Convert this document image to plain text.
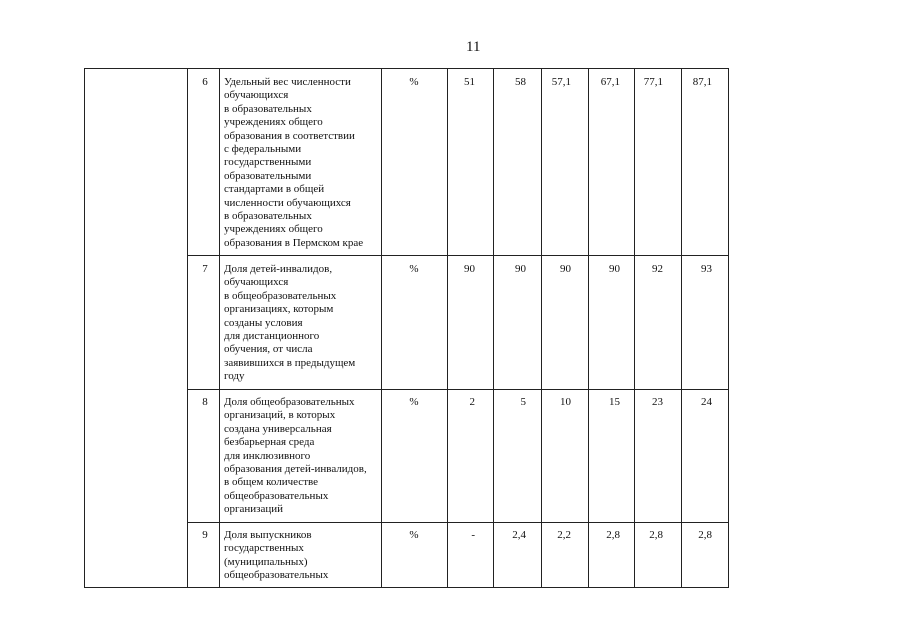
11
6	Удельный вес численности
обучающихся
в образовательных
учреждениях общего
образования в соответствии
с федеральными
государственными
образовательными
стандартами в общей
численности обучающихся
в образовательных
учреждениях общего
образования в Пермском крае
%	51	58	57,1	67,1	77,1	87,1
7	Доля детей-инвалидов,
обучающихся
в общеобразовательных
организациях, которым
созданы условия
для дистанционного
обучения, от числа
заявившихся в предыдущем
году
%	90	90	90	90	92	93
8	Доля общеобразовательных
организаций, в которых
создана универсальная
безбарьерная среда
для инклюзивного
образования детей-инвалидов,
в общем количестве
общеобразовательных
организаций
%	2	5	10	15	23	24
9	Доля выпускников
государственных
(муниципальных)
общеобразовательных
%	-	2,4	2,2	2,8	2,8	2,8
